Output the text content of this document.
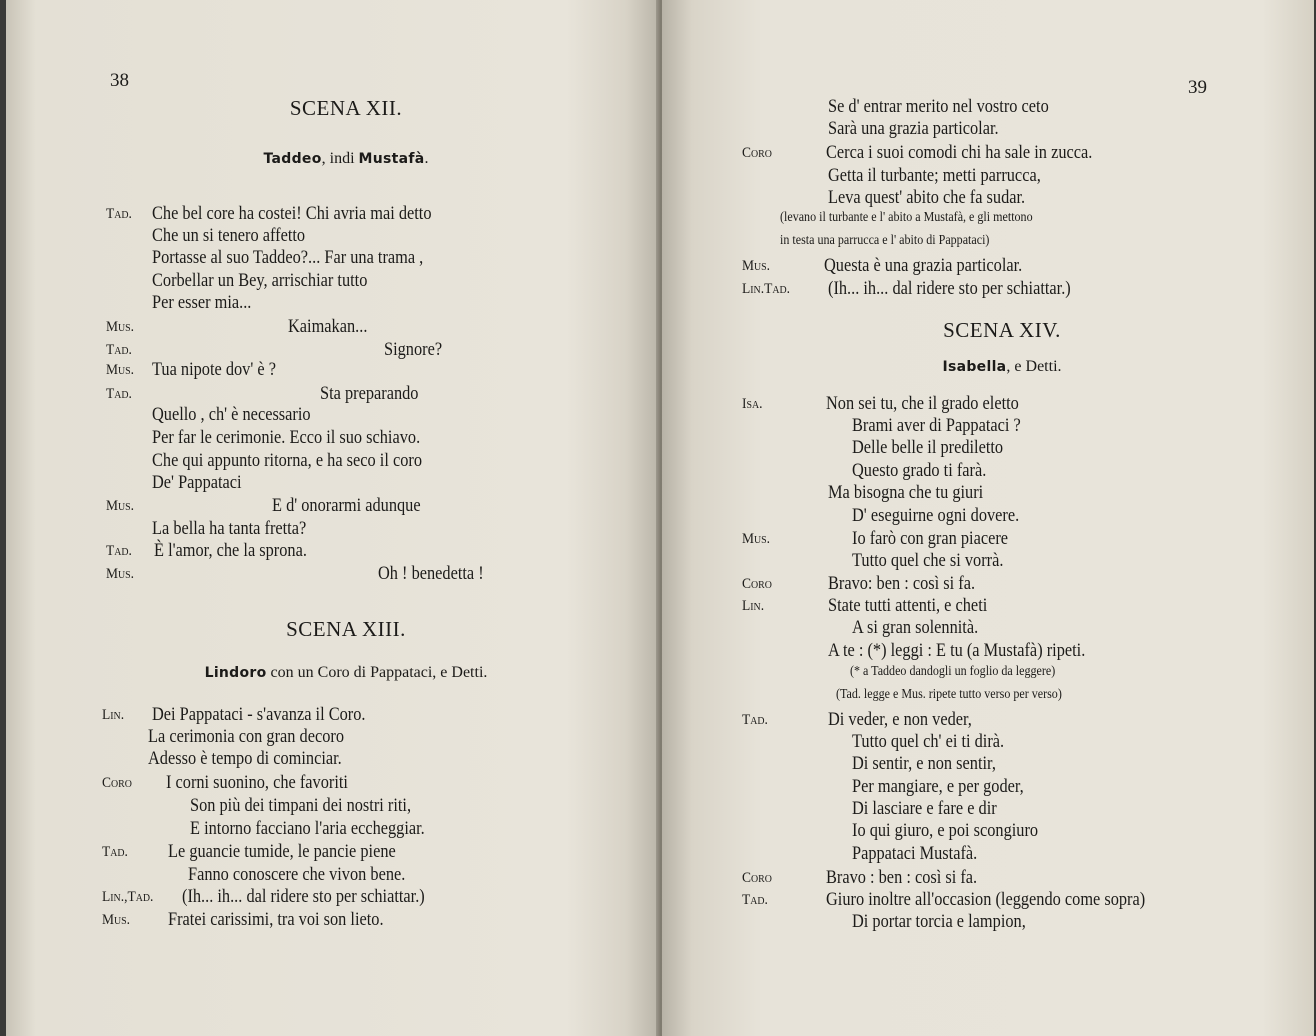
38
SCENA XII.
Taddeo, indi Mustafà.
Tad. Che bel core ha costei! Chi avria mai detto
Che un si tenero affetto
Portasse al suo Taddeo?... Far una trama ,
Corbellar un Bey, arrischiar tutto
Per esser mia...
Mus.	Kaimakan...
Tad.	Signore?
Mus. Tua nipote dov' è ?
Tad.	Sta preparando
Quello , ch' è necessario
Per far le cerimonie. Ecco il suo schiavo.
Che qui appunto ritorna, e ha seco il coro
De' Pappataci
Mus.	E d' onorarmi adunque
La bella ha tanta fretta?
Tad. È l'amor, che la sprona.
Mus.	Oh ! benedetta !
SCENA XIII.
Lindoro con un Coro di Pappataci, e Detti.
Lin. Dei Pappataci - s'avanza il Coro.
La cerimonia con gran decoro
Adesso è tempo di cominciar.
Coro I corni suonino, che favoriti
Son più dei timpani dei nostri riti,
E intorno facciano l'aria eccheggiar.
Tad. Le guancie tumide, le pancie piene
Fanno conoscere che vivon bene.
Lin.,Tad. (Ih... ih... dal ridere sto per schiattar.)
Mus. Fratei carissimi, tra voi son lieto.
39
Se d' entrar merito nel vostro ceto
Sarà una grazia particolar.
Coro	Cerca i suoi comodi chi ha sale in zucca.
Getta il turbante; metti parrucca,
Leva quest' abito che fa sudar.
(levano il turbante e l' abito a Mustafà, e gli mettono
in testa una parrucca e l' abito di Pappataci)
Mus.	Questa è una grazia particolar.
Lin.Tad. (Ih... ih... dal ridere sto per schiattar.)
SCENA XIV.
Isabella, e Detti.
Isa.	Non sei tu, che il grado eletto
Brami aver di Pappataci ?
Delle belle il prediletto
Questo grado ti farà.
Ma bisogna che tu giuri
D' eseguirne ogni dovere.
Mus.	Io farò con gran piacere
Tutto quel che si vorrà.
Coro	Bravo: ben : così si fa.
Lin.	State tutti attenti, e cheti
A si gran solennità.
A te : (*) leggi : E tu (a Mustafà) ripeti.
(* a Taddeo dandogli un foglio da leggere)
(Tad. legge e Mus. ripete tutto verso per verso)
Tad.	Di veder, e non veder,
Tutto quel ch' ei ti dirà.
Di sentir, e non sentir,
Per mangiare, e per goder,
Di lasciare e fare e dir
Io qui giuro, e poi scongiuro
Pappataci Mustafà.
Coro	Bravo : ben : così si fa.
Tad.	Giuro inoltre all'occasion (leggendo come sopra)
Di portar torcia e lampion,
